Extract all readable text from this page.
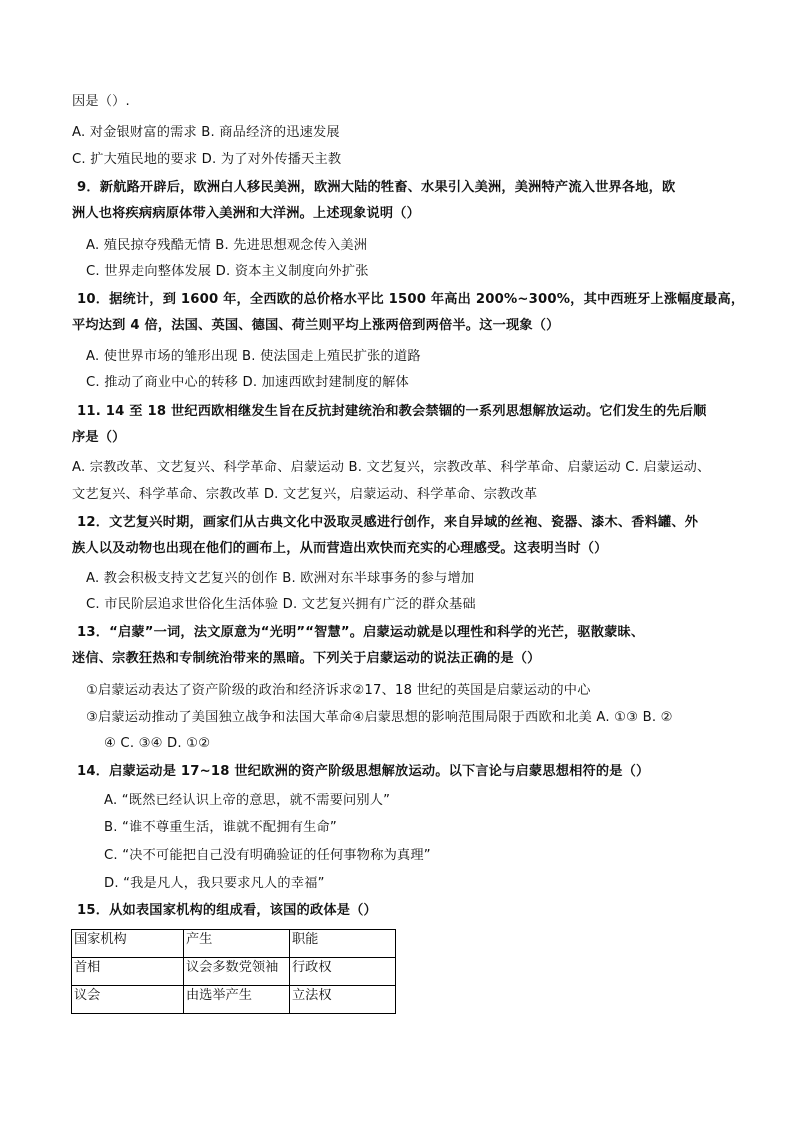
因是（）.
A. 对金银财富的需求 B. 商品经济的迅速发展
C. 扩大殖民地的要求 D. 为了对外传播天主教
9．新航路开辟后，欧洲白人移民美洲，欧洲大陆的牲畜、水果引入美洲，美洲特产流入世界各地，欧
洲人也将疾病病原体带入美洲和大洋洲。上述现象说明（）
A. 殖民掠夺残酷无情 B. 先进思想观念传入美洲
C. 世界走向整体发展 D. 资本主义制度向外扩张
10．据统计，到 1600 年，全西欧的总价格水平比 1500 年高出 200%~300%，其中西班牙上涨幅度最高，
平均达到 4 倍，法国、英国、德国、荷兰则平均上涨两倍到两倍半。这一现象（）
A. 使世界市场的雏形出现 B. 使法国走上殖民扩张的道路
C. 推动了商业中心的转移 D. 加速西欧封建制度的解体
11. 14 至 18 世纪西欧相继发生旨在反抗封建统治和教会禁锢的一系列思想解放运动。它们发生的先后顺
序是（）
A. 宗教改革、文艺复兴、科学革命、启蒙运动 B. 文艺复兴，宗教改革、科学革命、启蒙运动 C. 启蒙运动、
文艺复兴、科学革命、宗教改革 D. 文艺复兴，启蒙运动、科学革命、宗教改革
12．文艺复兴时期，画家们从古典文化中汲取灵感进行创作，来自异域的丝袍、瓷器、漆木、香料罐、外
族人以及动物也出现在他们的画布上，从而营造出欢快而充实的心理感受。这表明当时（）
A. 教会积极支持文艺复兴的创作 B. 欧洲对东半球事务的参与增加
C. 市民阶层追求世俗化生活体验 D. 文艺复兴拥有广泛的群众基础
13．“启蒙”一词，法文原意为“光明”“智慧”。启蒙运动就是以理性和科学的光芒，驱散蒙昧、
迷信、宗教狂热和专制统治带来的黑暗。下列关于启蒙运动的说法正确的是（）
①启蒙运动表达了资产阶级的政治和经济诉求②17、18 世纪的英国是启蒙运动的中心
③启蒙运动推动了美国独立战争和法国大革命④启蒙思想的影响范围局限于西欧和北美 A. ①③ B. ②
④ C. ③④ D. ①②
14．启蒙运动是 17~18 世纪欧洲的资产阶级思想解放运动。以下言论与启蒙思想相符的是（）
A. “既然已经认识上帝的意思，就不需要问别人”
B. “谁不尊重生活，谁就不配拥有生命”
C. “决不可能把自己没有明确验证的任何事物称为真理”
D. “我是凡人，我只要求凡人的幸福”
15．从如表国家机构的组成看，该国的政体是（）
国家机构	产生	职能
首相	议会多数党领袖	行政权
议会	由选举产生	立法权
